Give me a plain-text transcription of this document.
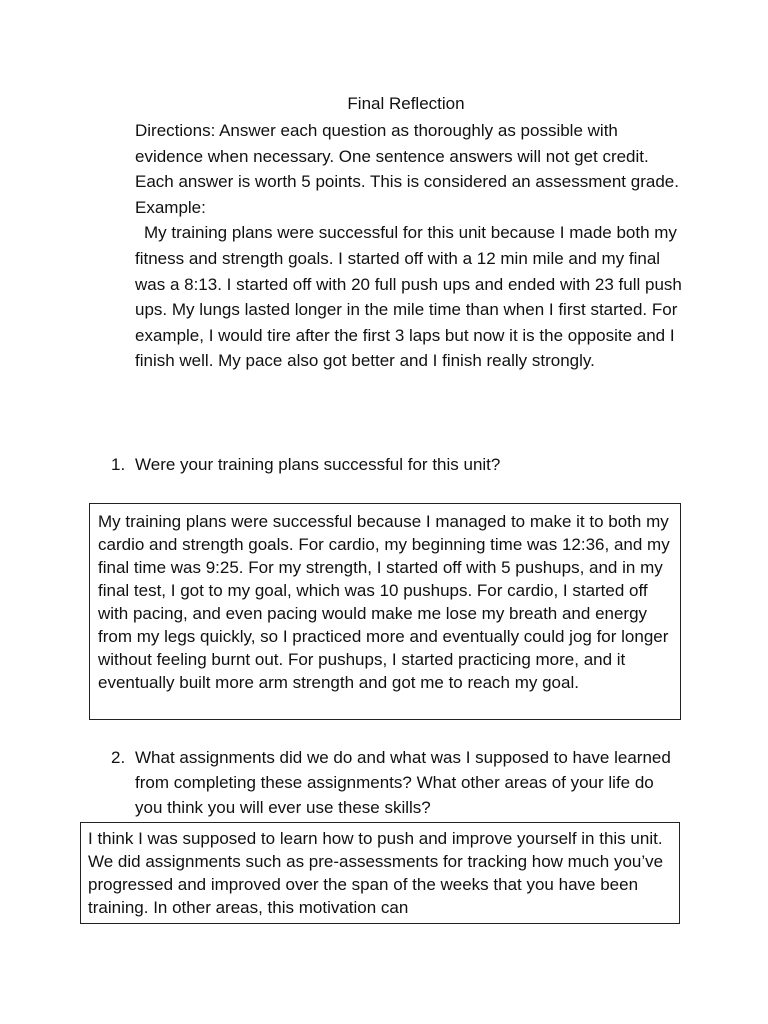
Final Reflection

Directions: Answer each question as thoroughly as possible with evidence when necessary. One sentence answers will not get credit. Each answer is worth 5 points. This is considered an assessment grade.

Example:

My training plans were successful for this unit because I made both my fitness and strength goals. I started off with a 12 min mile and my final was a 8:13. I started off with 20 full push ups and ended with 23 full push ups. My lungs lasted longer in the mile time than when I first started. For example, I would tire after the first 3 laps but now it is the opposite and I finish well. My pace also got better and I finish really strongly.

1. Were your training plans successful for this unit?
My training plans were successful because I managed to make it to both my cardio and strength goals. For cardio, my beginning time was 12:36, and my final time was 9:25. For my strength, I started off with 5 pushups, and in my final test, I got to my goal, which was 10 pushups. For cardio, I started off with pacing, and even pacing would make me lose my breath and energy from my legs quickly, so I practiced more and eventually could jog for longer without feeling burnt out. For pushups, I started practicing more, and it eventually built more arm strength and got me to reach my goal.
2. What assignments did we do and what was I supposed to have learned from completing these assignments? What other areas of your life do you think you will ever use these skills?
I think I was supposed to learn how to push and improve yourself in this unit. We did assignments such as pre-assessments for tracking how much you’ve progressed and improved over the span of the weeks that you have been training. In other areas, this motivation can
